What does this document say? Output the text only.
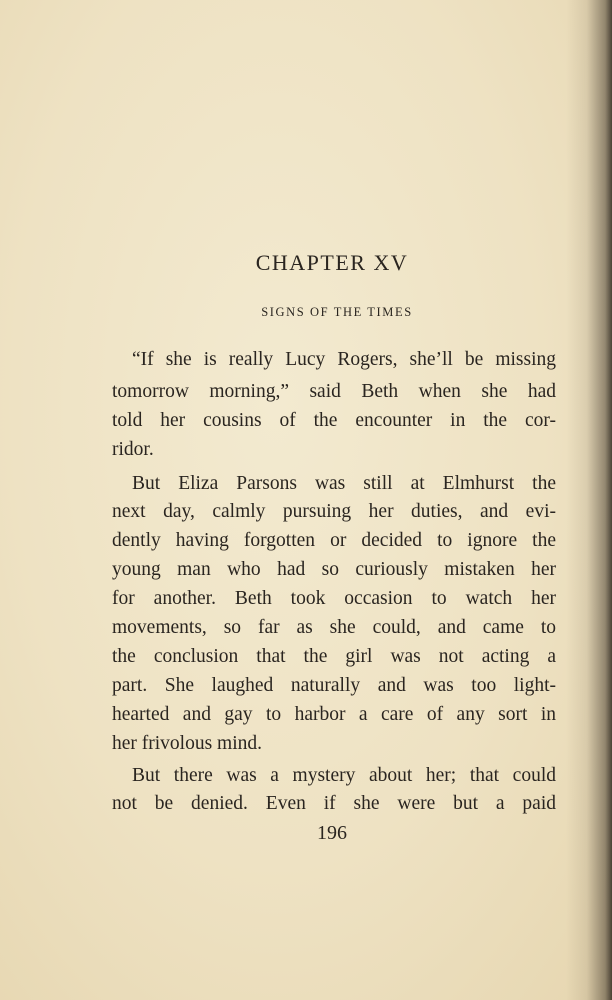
CHAPTER XV
SIGNS OF THE TIMES

“If she is really Lucy Rogers, she’ll be missing

tomorrow morning,” said Beth when she had

told her cousins of the encounter in the cor-

ridor.

But Eliza Parsons was still at Elmhurst the

next day, calmly pursuing her duties, and evi-

dently having forgotten or decided to ignore the

young man who had so curiously mistaken her

for another. Beth took occasion to watch her

movements, so far as she could, and came to

the conclusion that the girl was not acting a

part. She laughed naturally and was too light-

hearted and gay to harbor a care of any sort in

her frivolous mind.

But there was a mystery about her; that could

not be denied. Even if she were but a paid

196
